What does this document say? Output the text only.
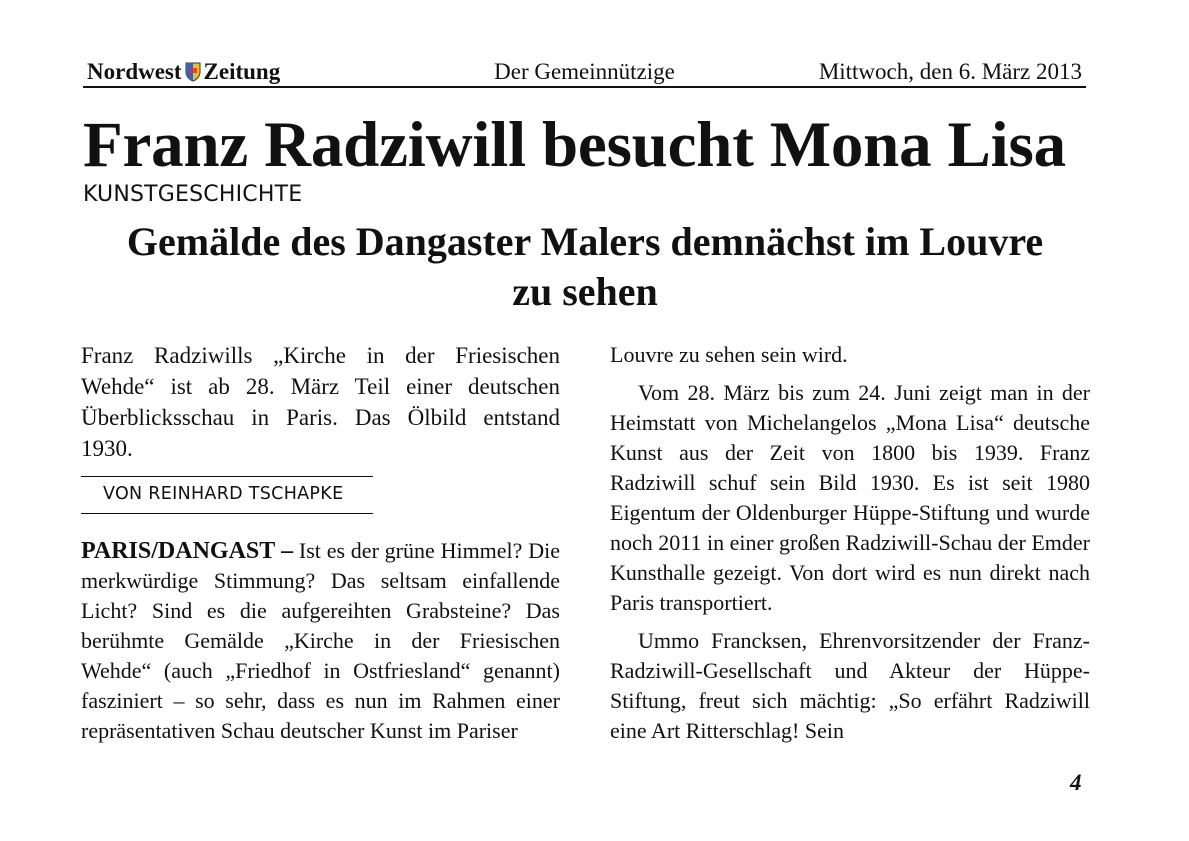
Nordwest Zeitung	Der Gemeinnützige	Mittwoch, den 6. März 2013
Franz Radziwill besucht Mona Lisa
KUNSTGESCHICHTE
Gemälde des Dangaster Malers demnächst im Louvre zu sehen

Franz Radziwills „Kirche in der Friesischen Wehde“ ist ab 28. März Teil einer deutschen Überblicksschau in Paris. Das Ölbild entstand 1930.

VON REINHARD TSCHAPKE

PARIS/DANGAST – Ist es der grüne Himmel? Die merkwürdige Stimmung? Das seltsam einfallende Licht? Sind es die aufgereihten Grabsteine? Das berühmte Gemälde „Kirche in der Friesischen Wehde“ (auch „Friedhof in Ostfriesland“ genannt) fasziniert – so sehr, dass es nun im Rahmen einer repräsentativen Schau deutscher Kunst im Pariser

Louvre zu sehen sein wird.

Vom 28. März bis zum 24. Juni zeigt man in der Heimstatt von Michelangelos „Mona Lisa“ deutsche Kunst aus der Zeit von 1800 bis 1939. Franz Radziwill schuf sein Bild 1930. Es ist seit 1980 Eigentum der Oldenburger Hüppe-Stiftung und wurde noch 2011 in einer großen Radziwill-Schau der Emder Kunsthalle gezeigt. Von dort wird es nun direkt nach Paris transportiert.

Ummo Francksen, Ehrenvorsitzender der Franz-Radziwill-Gesellschaft und Akteur der Hüppe-Stiftung, freut sich mächtig: „So erfährt Radziwill eine Art Ritterschlag! Sein

4
